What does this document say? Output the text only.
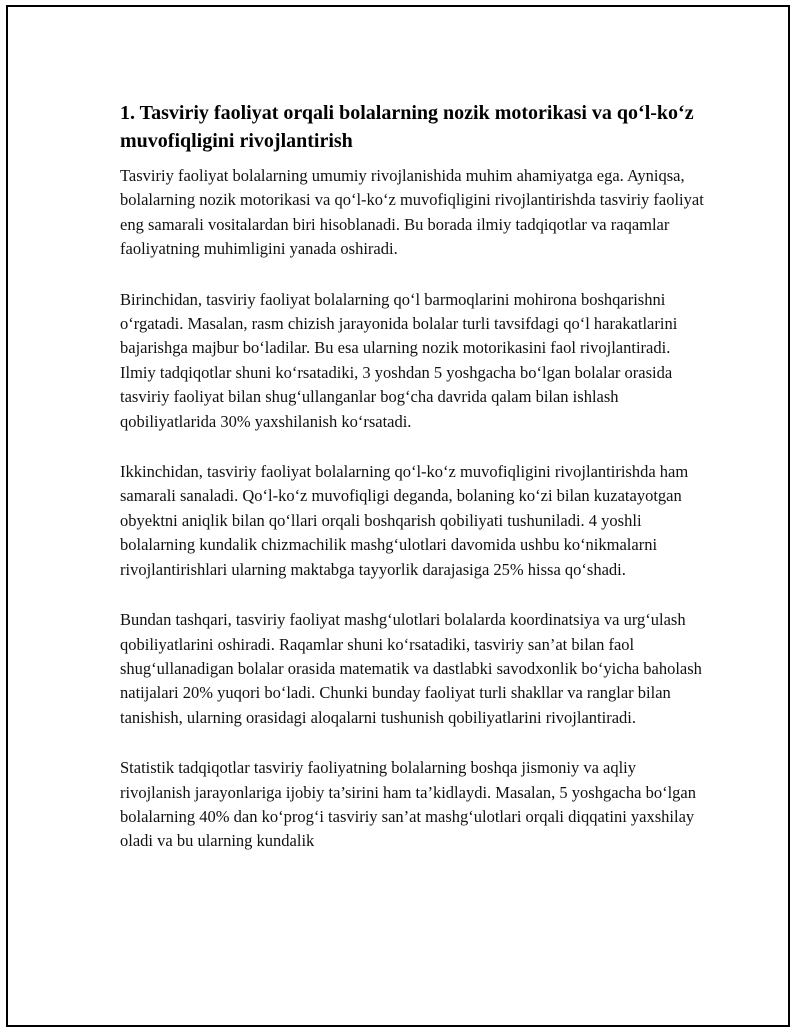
1. Tasviriy faoliyat orqali bolalarning nozik motorikasi va qo‘l-ko‘z muvofiqligini rivojlantirish

Tasviriy faoliyat bolalarning umumiy rivojlanishida muhim ahamiyatga ega. Ayniqsa, bolalarning nozik motorikasi va qo‘l-ko‘z muvofiqligini rivojlantirishda tasviriy faoliyat eng samarali vositalardan biri hisoblanadi. Bu borada ilmiy tadqiqotlar va raqamlar faoliyatning muhimligini yanada oshiradi.

Birinchidan, tasviriy faoliyat bolalarning qo‘l barmoqlarini mohirona boshqarishni o‘rgatadi. Masalan, rasm chizish jarayonida bolalar turli tavsifdagi qo‘l harakatlarini bajarishga majbur bo‘ladilar. Bu esa ularning nozik motorikasini faol rivojlantiradi. Ilmiy tadqiqotlar shuni ko‘rsatadiki, 3 yoshdan 5 yoshgacha bo‘lgan bolalar orasida tasviriy faoliyat bilan shug‘ullanganlar bog‘cha davrida qalam bilan ishlash qobiliyatlarida 30% yaxshilanish ko‘rsatadi.

Ikkinchidan, tasviriy faoliyat bolalarning qo‘l-ko‘z muvofiqligini rivojlantirishda ham samarali sanaladi. Qo‘l-ko‘z muvofiqligi deganda, bolaning ko‘zi bilan kuzatayotgan obyektni aniqlik bilan qo‘llari orqali boshqarish qobiliyati tushuniladi. 4 yoshli bolalarning kundalik chizmachilik mashg‘ulotlari davomida ushbu ko‘nikmalarni rivojlantirishlari ularning maktabga tayyorlik darajasiga 25% hissa qo‘shadi.

Bundan tashqari, tasviriy faoliyat mashg‘ulotlari bolalarda koordinatsiya va urg‘ulash qobiliyatlarini oshiradi. Raqamlar shuni ko‘rsatadiki, tasviriy san’at bilan faol shug‘ullanadigan bolalar orasida matematik va dastlabki savodxonlik bo‘yicha baholash natijalari 20% yuqori bo‘ladi. Chunki bunday faoliyat turli shakllar va ranglar bilan tanishish, ularning orasidagi aloqalarni tushunish qobiliyatlarini rivojlantiradi.

Statistik tadqiqotlar tasviriy faoliyatning bolalarning boshqa jismoniy va aqliy rivojlanish jarayonlariga ijobiy ta’sirini ham ta’kidlaydi. Masalan, 5 yoshgacha bo‘lgan bolalarning 40% dan ko‘prog‘i tasviriy san’at mashg‘ulotlari orqali diqqatini yaxshilay oladi va bu ularning kundalik
